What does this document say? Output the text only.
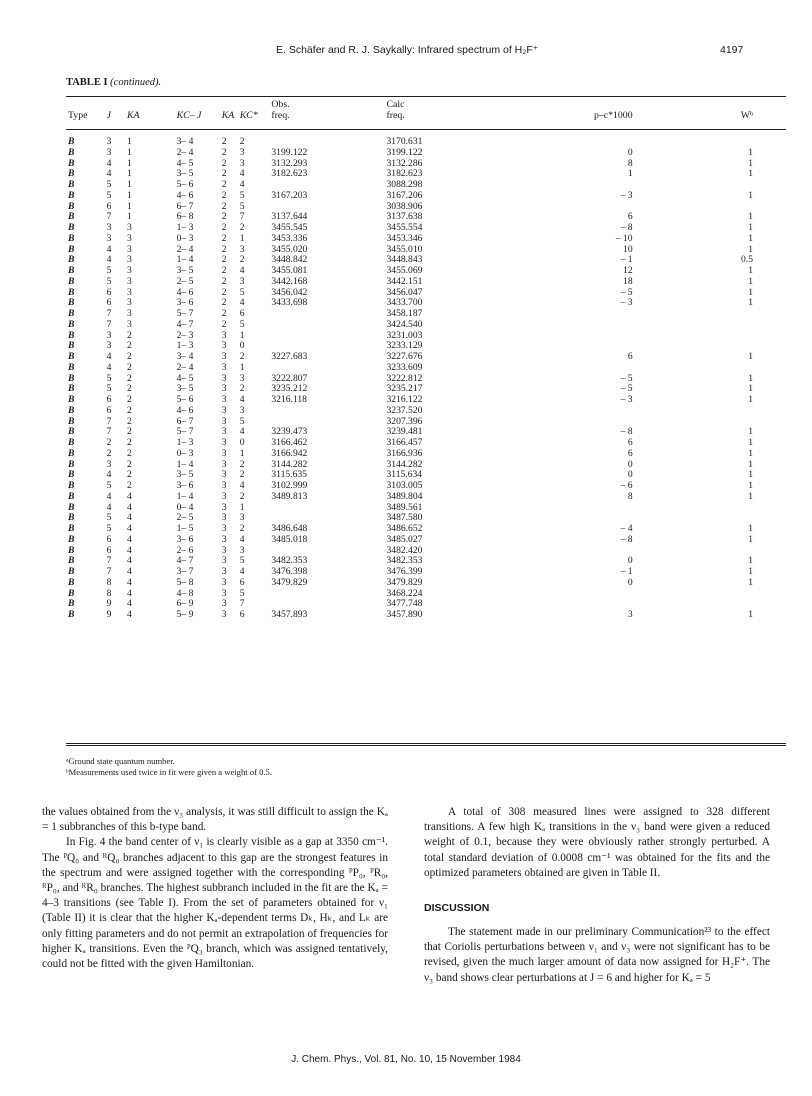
E. Schäfer and R. J. Saykally: Infrared spectrum of H₂F⁺	4197
TABLE I (continued).
Type	J	KA	KC– J	KA	KC*	Obs.
freq.	Calc
freq.	p–c*1000	Wᵇ
B	3	1	3– 4	2	2		3170.631		
B	3	1	2– 4	2	3	3199.122	3199.122	0	1
B	4	1	4– 5	2	3	3132.293	3132.286	8	1
B	4	1	3– 5	2	4	3182.623	3182.623	1	1
B	5	1	5– 6	2	4		3088.298		
B	5	1	4– 6	2	5	3167.203	3167.206	– 3	1
B	6	1	6– 7	2	5		3038.906		
B	7	1	6– 8	2	7	3137.644	3137.638	6	1
B	3	3	1– 3	2	2	3455.545	3455.554	– 8	1
B	3	3	0– 3	2	1	3453.336	3453.346	– 10	1
B	4	3	2– 4	2	3	3455.020	3455.010	10	1
B	4	3	1– 4	2	2	3448.842	3448.843	– 1	0.5
B	5	3	3– 5	2	4	3455.081	3455.069	12	1
B	5	3	2– 5	2	3	3442.168	3442.151	18	1
B	6	3	4– 6	2	5	3456.042	3456.047	– 5	1
B	6	3	3– 6	2	4	3433.698	3433.700	– 3	1
B	7	3	5– 7	2	6		3458.187		
B	7	3	4– 7	2	5		3424.540		
B	3	2	2– 3	3	1		3231.003		
B	3	2	1– 3	3	0		3233.129		
B	4	2	3– 4	3	2	3227.683	3227.676	6	1
B	4	2	2– 4	3	1		3233.609		
B	5	2	4– 5	3	3	3222.807	3222.812	– 5	1
B	5	2	3– 5	3	2	3235.212	3235.217	– 5	1
B	6	2	5– 6	3	4	3216.118	3216.122	– 3	1
B	6	2	4– 6	3	3		3237.520		
B	7	2	6– 7	3	5		3207.396		
B	7	2	5– 7	3	4	3239.473	3239.481	– 8	1
B	2	2	1– 3	3	0	3166.462	3166.457	6	1
B	2	2	0– 3	3	1	3166.942	3166.936	6	1
B	3	2	1– 4	3	2	3144.282	3144.282	0	1
B	4	2	3– 5	3	2	3115.635	3115.634	0	1
B	5	2	3– 6	3	4	3102.999	3103.005	– 6	1
B	4	4	1– 4	3	2	3489.813	3489.804	8	1
B	4	4	0– 4	3	1		3489.561		
B	5	4	2– 5	3	3		3487.580		
B	5	4	1– 5	3	2	3486.648	3486.652	– 4	1
B	6	4	3– 6	3	4	3485.018	3485.027	– 8	1
B	6	4	2– 6	3	3		3482.420		
B	7	4	4– 7	3	5	3482.353	3482.353	0	1
B	7	4	3– 7	3	4	3476.398	3476.399	– 1	1
B	8	4	5– 8	3	6	3479.829	3479.829	0	1
B	8	4	4– 8	3	5		3468.224		
B	9	4	6– 9	3	7		3477.748		
B	9	4	5– 9	3	6	3457.893	3457.890	3	1
ᵃGround state quantum number.
ᵇMeasurements used twice in fit were given a weight of 0.5.

the values obtained from the ν₃ analysis, it was still difficult to assign the Kₐ = 1 subbranches of this b-type band.

In Fig. 4 the band center of ν₁ is clearly visible as a gap at 3350 cm⁻¹. The ᴾQ₀ and ᴿQ₀ branches adjacent to this gap are the strongest features in the spectrum and were assigned together with the corresponding ᴾP₀, ᴾR₀, ᴿP₀, and ᴿR₀ branches. The highest subbranch included in the fit are the Kₐ = 4–3 transitions (see Table I). From the set of parameters obtained for ν₁ (Table II) it is clear that the higher Kₐ-dependent terms Dₖ, Hₖ, and Lₖ are only fitting parameters and do not permit an extrapolation of frequencies for higher Kₐ transitions. Even the ᴾQ₃ branch, which was assigned tentatively, could not be fitted with the given Hamiltonian.

A total of 308 measured lines were assigned to 328 different transitions. A few high Kₐ transitions in the ν₃ band were given a reduced weight of 0.1, because they were obviously rather strongly perturbed. A total standard deviation of 0.0008 cm⁻¹ was obtained for the fits and the optimized parameters obtained are given in Table II.

DISCUSSION

The statement made in our preliminary Communication²³ to the effect that Coriolis perturbations between ν₁ and ν₃ were not significant has to be revised, given the much larger amount of data now assigned for H₂F⁺. The ν₃ band shows clear perturbations at J = 6 and higher for Kₐ = 5

J. Chem. Phys., Vol. 81, No. 10, 15 November 1984
